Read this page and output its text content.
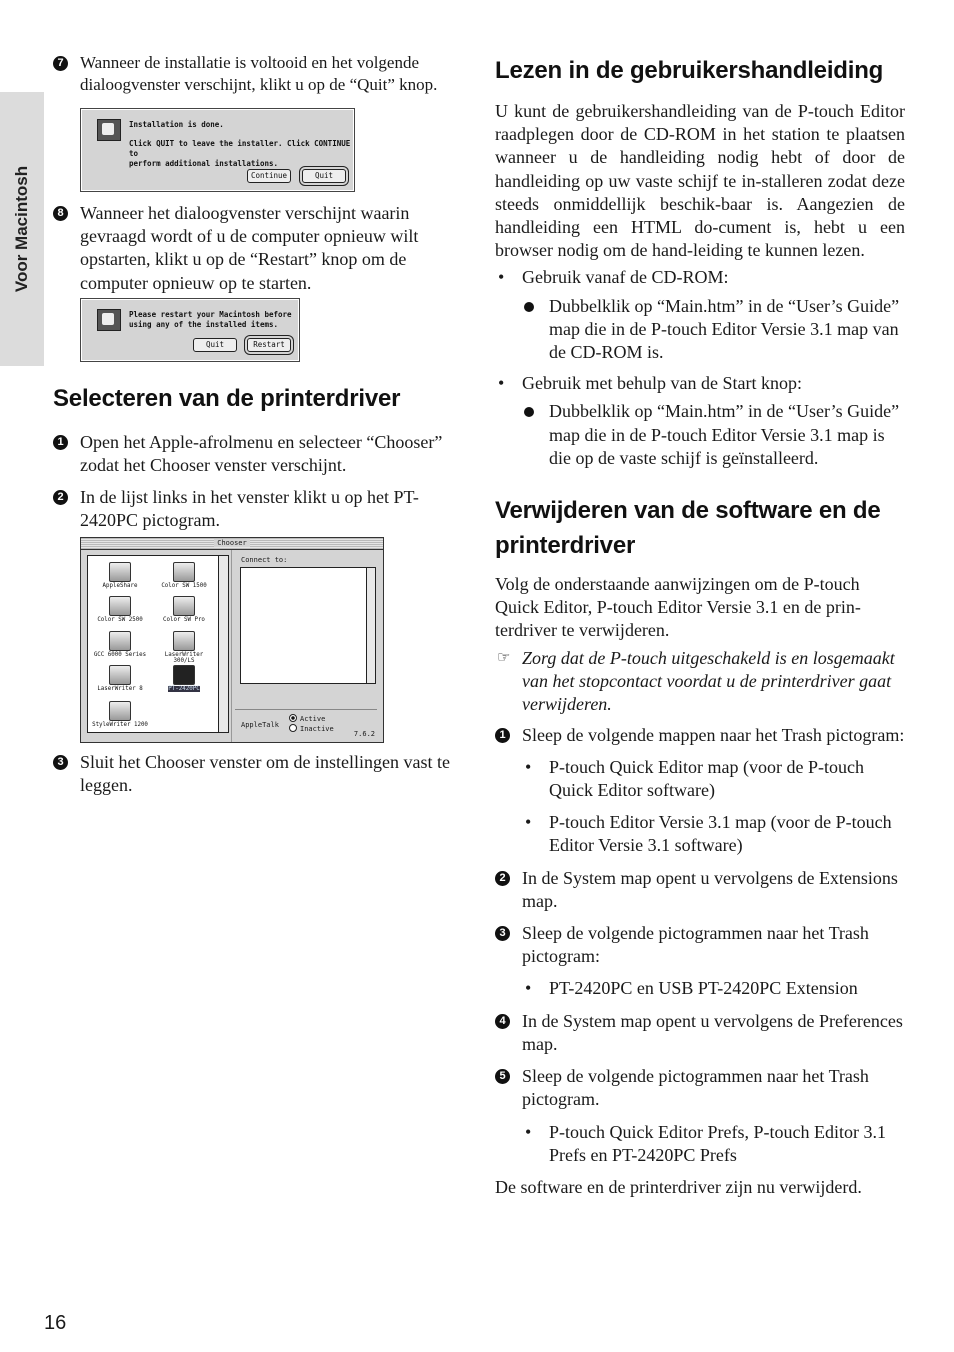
Voor Macintosh
16
7 Wanneer de installatie is voltooid en het volgende dialoogvenster verschijnt, klikt u op de “Quit” knop.
Installation is done.
Click QUIT to leave the installer. Click CONTINUE to
perform additional installations.
Continue	Quit
8 Wanneer het dialoogvenster verschijnt waarin gevraagd wordt of u de computer opnieuw wilt opstarten, klikt u op de “Restart” knop om de computer opnieuw op te starten.
Please restart your Macintosh before
using any of the installed items.
Quit	Restart
Selecteren van de printerdriver
1 Open het Apple-afrolmenu en selecteer “Chooser” zodat het Chooser venster verschijnt.
2 In de lijst links in het venster klikt u op het PT-2420PC pictogram.
Chooser
AppleShare	Color SW 1500
Color SW 2500	Color SW Pro
GCC 6000 Series	LaserWriter 300/LS
LaserWriter 8	PT-2420PC
StyleWriter 1200
Connect to:
AppleTalk
Active
Inactive
7.6.2
3 Sluit het Chooser venster om de instellingen vast te leggen.
Lezen in de gebruikershandleiding

U kunt de gebruikershandleiding van de P-touch Editor raadplegen door de CD-ROM in het station te plaatsen wanneer u de handleiding nodig hebt of door de handleiding op uw vaste schijf te in-stalleren zodat deze steeds onmiddellijk beschik-baar is. Aangezien de handleiding een HTML do-cument is, hebt u een browser nodig om de hand-leiding te kunnen lezen.

• Gebruik vanaf de CD-ROM:
Dubbelklik op “Main.htm” in de “User’s Guide” map die in de P-touch Editor Versie 3.1 map van de CD-ROM is.
• Gebruik met behulp van de Start knop:
Dubbelklik op “Main.htm” in de “User’s Guide” map die in de P-touch Editor Versie 3.1 map is die op de vaste schijf is geïnstalleerd.
Verwijderen van de software en de printerdriver

Volg de onderstaande aanwijzingen om de P-touch Quick Editor, P-touch Editor Versie 3.1 en de prin-terdriver te verwijderen.

☞ Zorg dat de P-touch uitgeschakeld is en losgemaakt van het stopcontact voordat u de printerdriver gaat verwijderen.

1 Sleep de volgende mappen naar het Trash pictogram:
• P-touch Quick Editor map (voor de P-touch Quick Editor software)
• P-touch Editor Versie 3.1 map (voor de P-touch Editor Versie 3.1 software)
2 In de System map opent u vervolgens de Extensions map.
3 Sleep de volgende pictogrammen naar het Trash pictogram:
• PT-2420PC en USB PT-2420PC Extension
4 In de System map opent u vervolgens de Preferences map.
5 Sleep de volgende pictogrammen naar het Trash pictogram.
• P-touch Quick Editor Prefs, P-touch Editor 3.1 Prefs en PT-2420PC Prefs

De software en de printerdriver zijn nu verwijderd.
